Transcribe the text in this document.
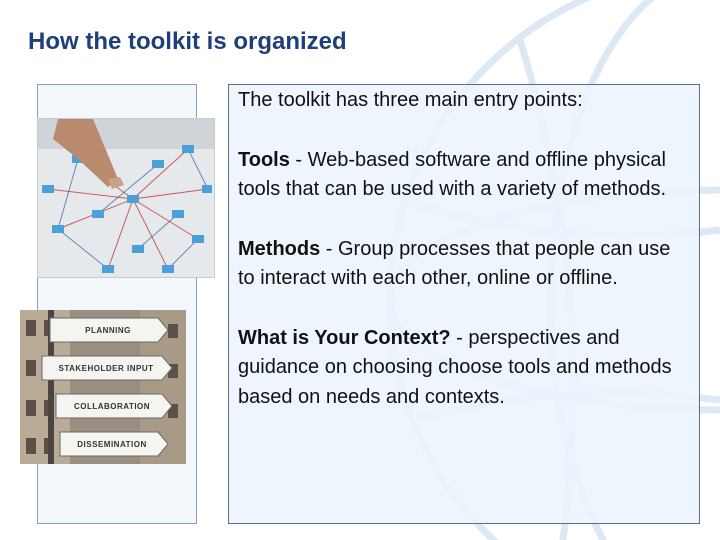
How the toolkit is organized
PLANNING
STAKEHOLDER INPUT
COLLABORATION
DISSEMINATION

The toolkit has three main entry points:

Tools - Web-based software and offline physical tools that can be used with a variety of methods.

Methods - Group processes that people can use to interact with each other, online or offline.

What is Your Context? - perspectives and guidance on choosing choose tools and methods based on needs and contexts.
